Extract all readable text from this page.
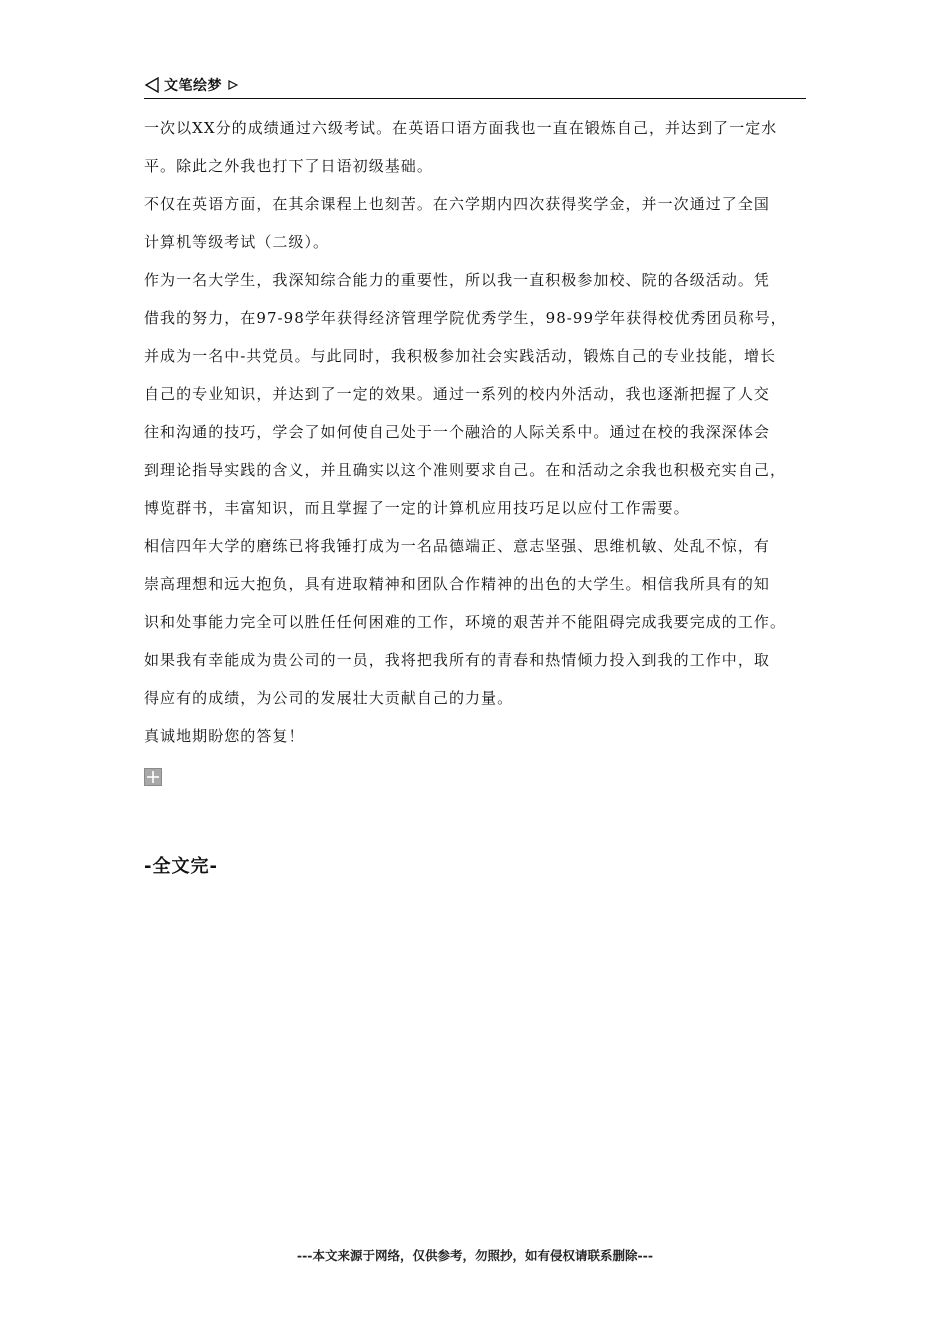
文笔绘梦

一次以XX分的成绩通过六级考试。在英语口语方面我也一直在锻炼自己，并达到了一定水

平。除此之外我也打下了日语初级基础。

不仅在英语方面，在其余课程上也刻苦。在六学期内四次获得奖学金，并一次通过了全国

计算机等级考试（二级）。

作为一名大学生，我深知综合能力的重要性，所以我一直积极参加校、院的各级活动。凭

借我的努力，在97-98学年获得经济管理学院优秀学生，98-99学年获得校优秀团员称号，

并成为一名中-共党员。与此同时，我积极参加社会实践活动，锻炼自己的专业技能，增长

自己的专业知识，并达到了一定的效果。通过一系列的校内外活动，我也逐渐把握了人交

往和沟通的技巧，学会了如何使自己处于一个融洽的人际关系中。通过在校的我深深体会

到理论指导实践的含义，并且确实以这个准则要求自己。在和活动之余我也积极充实自己，

博览群书，丰富知识，而且掌握了一定的计算机应用技巧足以应付工作需要。

相信四年大学的磨练已将我锤打成为一名品德端正、意志坚强、思维机敏、处乱不惊，有

崇高理想和远大抱负，具有进取精神和团队合作精神的出色的大学生。相信我所具有的知

识和处事能力完全可以胜任任何困难的工作，环境的艰苦并不能阻碍完成我要完成的工作。

如果我有幸能成为贵公司的一员，我将把我所有的青春和热情倾力投入到我的工作中，取

得应有的成绩，为公司的发展壮大贡献自己的力量。

真诚地期盼您的答复！

-全文完-
---本文来源于网络，仅供参考，勿照抄，如有侵权请联系删除---
